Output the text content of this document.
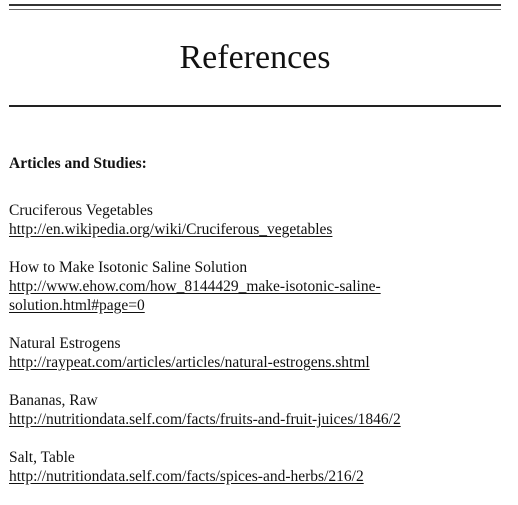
References
Articles and Studies:
Cruciferous Vegetables
http://en.wikipedia.org/wiki/Cruciferous_vegetables
How to Make Isotonic Saline Solution
http://www.ehow.com/how_8144429_make-isotonic-saline-
solution.html#page=0
Natural Estrogens
http://raypeat.com/articles/articles/natural-estrogens.shtml
Bananas, Raw
http://nutritiondata.self.com/facts/fruits-and-fruit-juices/1846/2
Salt, Table
http://nutritiondata.self.com/facts/spices-and-herbs/216/2
